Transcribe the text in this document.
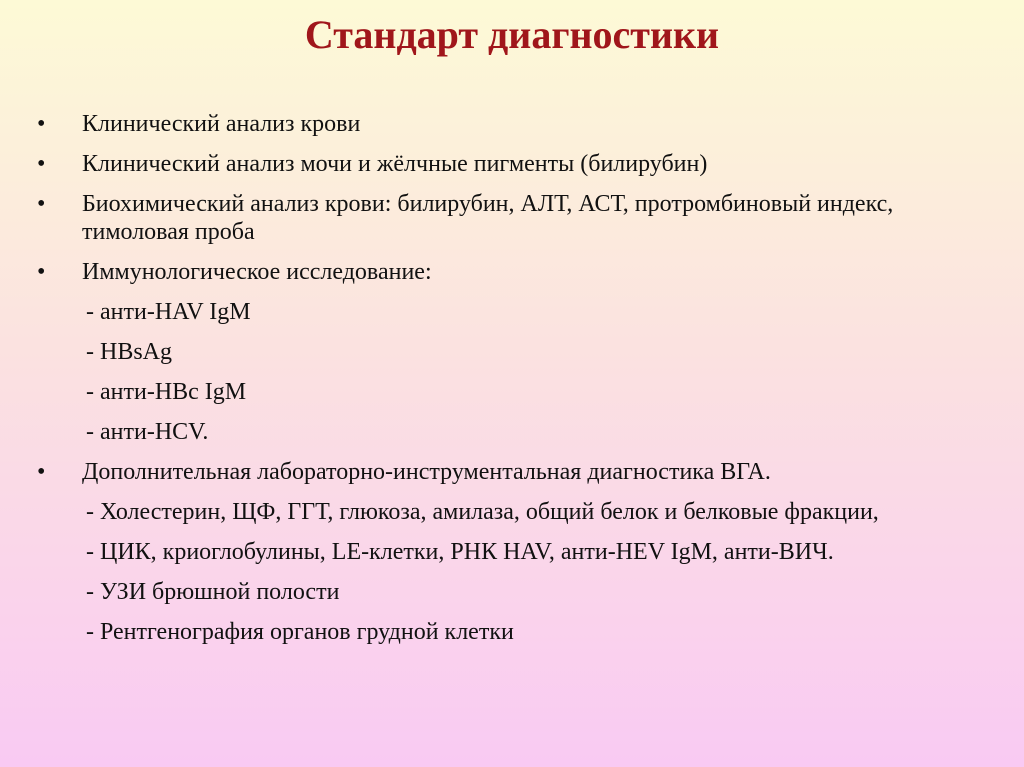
Стандарт диагностики
•	Клинический анализ крови
•	Клинический анализ мочи и жёлчные пигменты (билирубин)
•	Биохимический анализ крови: билирубин, АЛТ, АСТ, протромбиновый индекс, тимоловая проба
•	Иммунологическое исследование:
- анти-HAV IgM
- HBsAg
- анти-HBc IgM
- анти-HCV.
•	Дополнительная лабораторно-инструментальная диагностика ВГА.
- Холестерин, ЩФ, ГГТ, глюкоза, амилаза, общий белок и белковые фракции,
- ЦИК, криоглобулины, LE-клетки, РНК HAV, анти-HEV IgM, анти-ВИЧ.
- УЗИ брюшной полости
- Рентгенография органов грудной клетки
